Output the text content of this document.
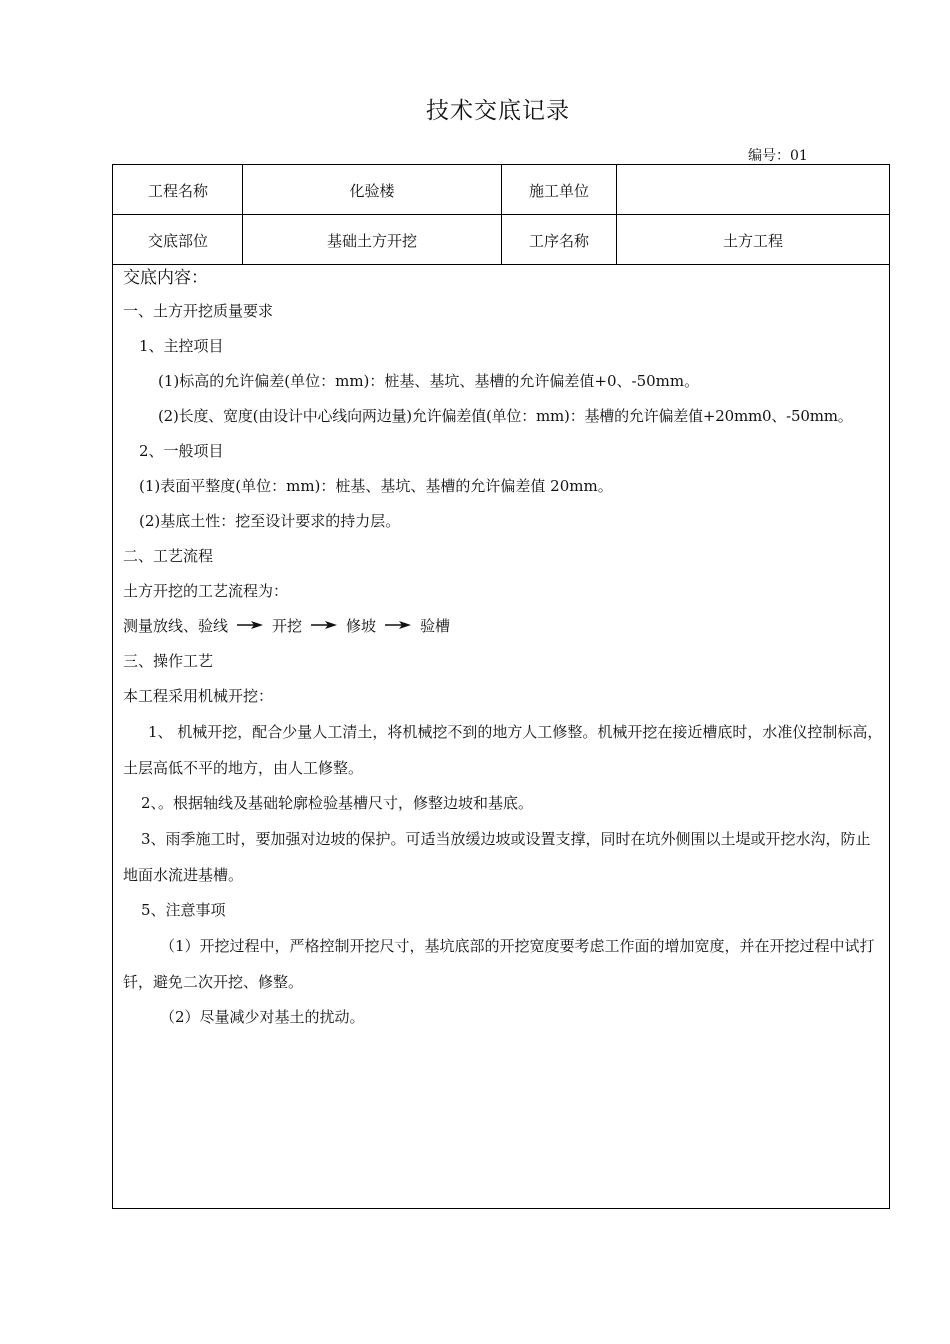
技术交底记录
编号：01
工程名称	化验楼	施工单位
交底部位	基础土方开挖	工序名称	土方工程
交底内容：
一、土方开挖质量要求
1、主控项目
(1)标高的允许偏差(单位：mm)：桩基、基坑、基槽的允许偏差值+0、-50mm。
(2)长度、宽度(由设计中心线向两边量)允许偏差值(单位：mm)：基槽的允许偏差值+20mm0、-50mm。
2、一般项目
(1)表面平整度(单位：mm)：桩基、基坑、基槽的允许偏差值 20mm。
(2)基底土性：挖至设计要求的持力层。
二、工艺流程
土方开挖的工艺流程为：
测量放线、验线	开挖	修坡	验槽
三、操作工艺
本工程采用机械开挖：
1、 机械开挖，配合少量人工清土，将机械挖不到的地方人工修整。机械开挖在接近槽底时，水准仪控制标高，土层高低不平的地方，由人工修整。
2、。根据轴线及基础轮廓检验基槽尺寸，修整边坡和基底。
3、雨季施工时，要加强对边坡的保护。可适当放缓边坡或设置支撑，同时在坑外侧围以土堤或开挖水沟，防止地面水流进基槽。
5、注意事项
（1）开挖过程中，严格控制开挖尺寸，基坑底部的开挖宽度要考虑工作面的增加宽度，并在开挖过程中试打钎，避免二次开挖、修整。
（2）尽量减少对基土的扰动。
